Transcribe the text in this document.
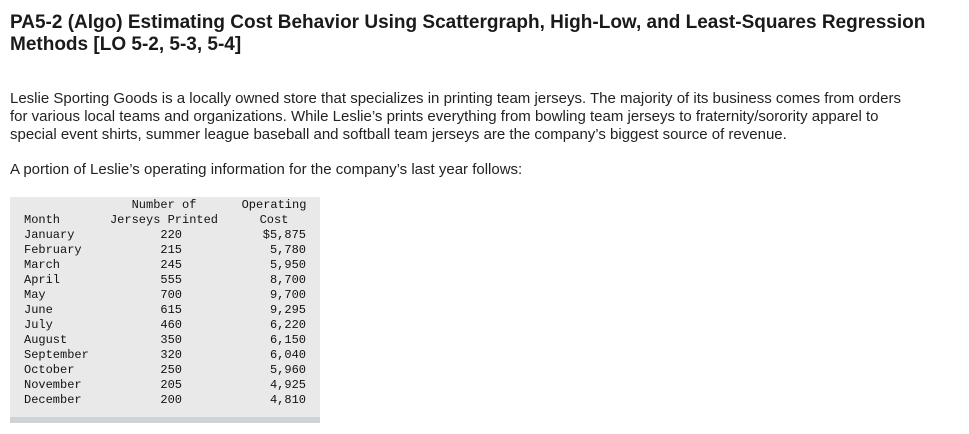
PA5-2 (Algo) Estimating Cost Behavior Using Scattergraph, High-Low, and Least-Squares Regression
Methods [LO 5-2, 5-3, 5-4]
Leslie Sporting Goods is a locally owned store that specializes in printing team jerseys. The majority of its business comes from orders
for various local teams and organizations. While Leslie’s prints everything from bowling team jerseys to fraternity/sorority apparel to
special event shirts, summer league baseball and softball team jerseys are the company’s biggest source of revenue.
A portion of Leslie’s operating information for the company’s last year follows:
Number of	Operating
Month	Jerseys Printed	Cost
January	220	$5,875
February	215	5,780
March	245	5,950
April	555	8,700
May	700	9,700
June	615	9,295
July	460	6,220
August	350	6,150
September	320	6,040
October	250	5,960
November	205	4,925
December	200	4,810
